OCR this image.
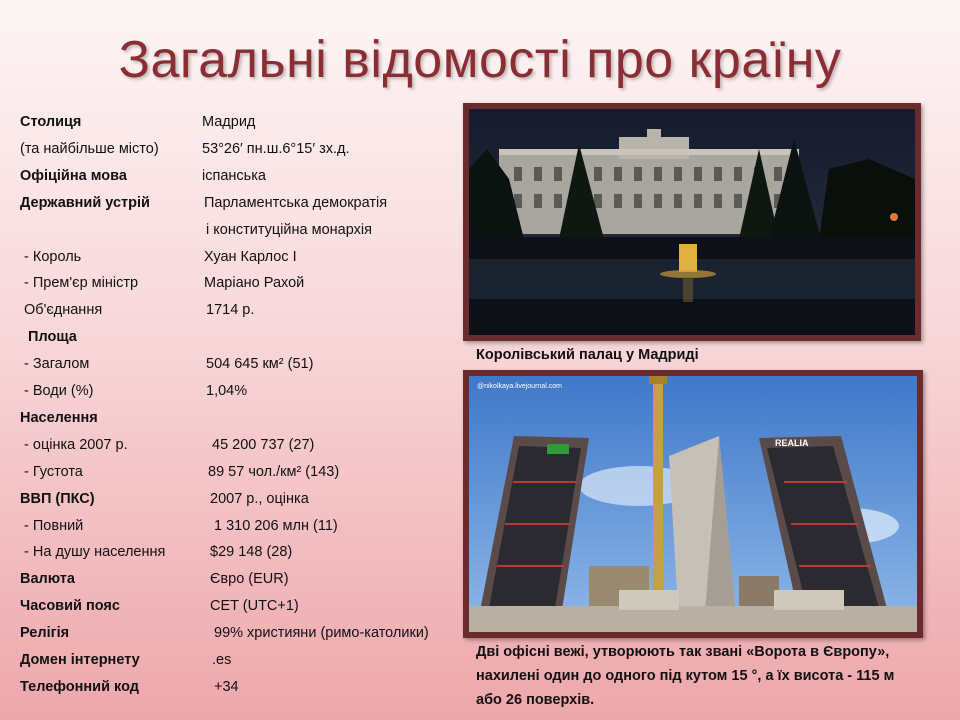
Загальні відомості про країну
Столиця	Мадрид
(та найбільше місто)	53°26′ пн.ш.6°15′ зх.д.
Офіційна мова	іспанська
Державний устрій	Парламентська демократія
і конституційна монархія
- Король	Хуан Карлос I
- Прем'єр міністр	Маріано Рахой
Об'єднання	1714 р.
Площа
- Загалом	504 645 км² (51)
- Води (%)	1,04%
Населення
- оцінка 2007 р.	45 200 737 (27)
- Густота	89 57 чол./км² (143)
ВВП (ПКС)	2007 р., оцінка
- Повний	1 310 206 млн (11)
- На душу населення	$29 148 (28)
Валюта	Євро (EUR)
Часовий пояс	CET (UTC+1)
Релігія	99% християни (римо-католики)
Домен інтернету	.es
Телефонний код	+34
Королівський палац у Мадриді
REALIA
@nikolkaya.livejournal.com
Дві офісні вежі, утворюють так звані «Ворота в Європу»,
нахилені один до одного під кутом 15 °, а їх висота - 115 м
або 26 поверхів.
